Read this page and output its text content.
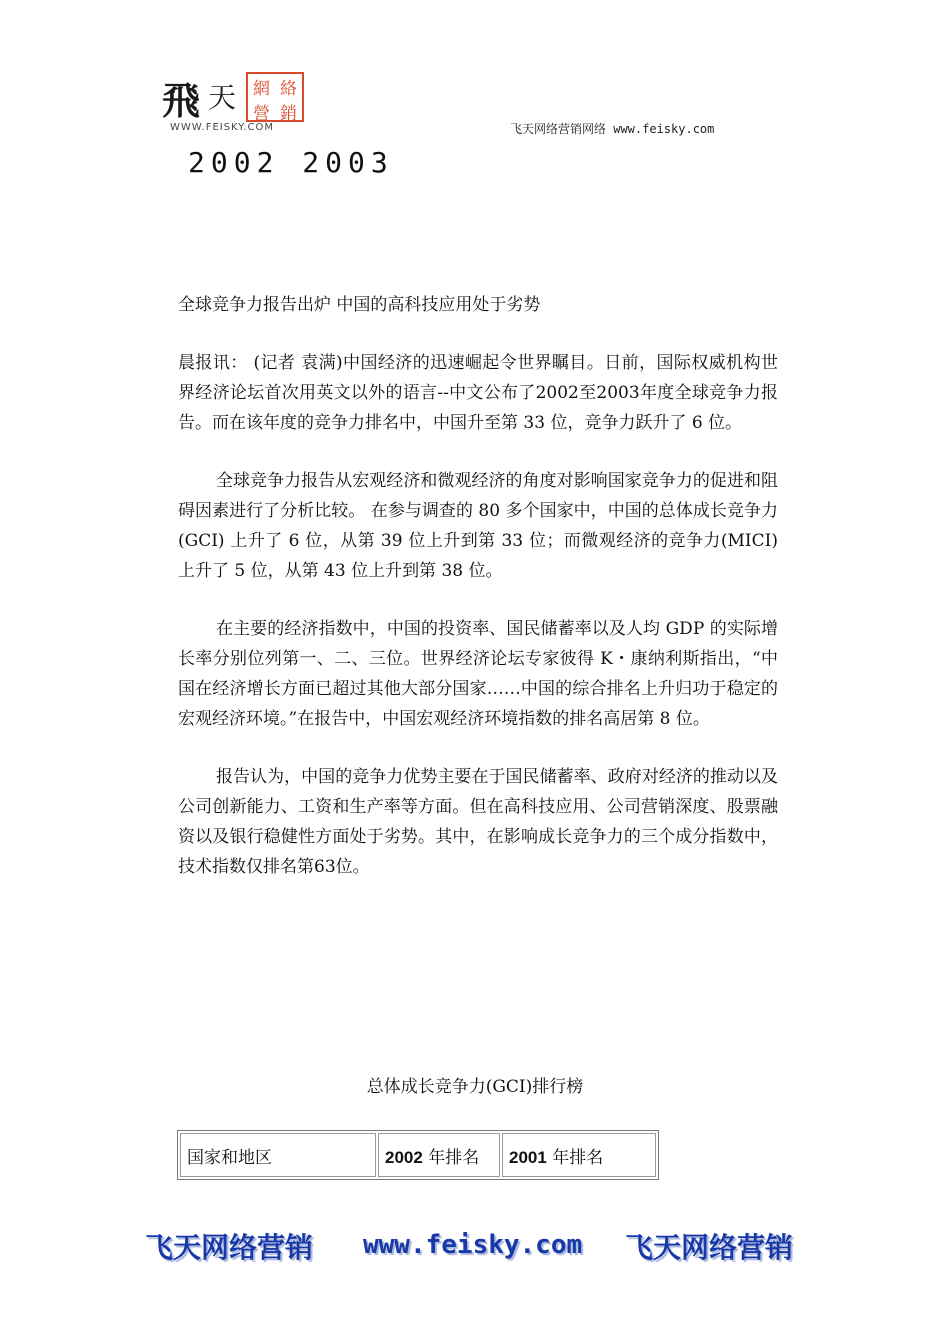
飛 天 網 絡
營 銷
WWW.FEISKY.COM	飞天网络营销网络 www.feisky.com
2002 2003

全球竞争力报告出炉 中国的高科技应用处于劣势

晨报讯： (记者 袁满)中国经济的迅速崛起令世界瞩目。日前，国际权威机构世界经济论坛首次用英文以外的语言--中文公布了2002至2003年度全球竞争力报告。而在该年度的竞争力排名中，中国升至第 33 位，竞争力跃升了 6 位。

全球竞争力报告从宏观经济和微观经济的角度对影响国家竞争力的促进和阻碍因素进行了分析比较。 在参与调查的 80 多个国家中，中国的总体成长竞争力 (GCI) 上升了 6 位，从第 39 位上升到第 33 位；而微观经济的竞争力(MICI)上升了 5 位，从第 43 位上升到第 38 位。

在主要的经济指数中，中国的投资率、国民储蓄率以及人均 GDP 的实际增长率分别位列第一、二、三位。世界经济论坛专家彼得 K・康纳利斯指出，“中国在经济增长方面已超过其他大部分国家……中国的综合排名上升归功于稳定的宏观经济环境。”在报告中，中国宏观经济环境指数的排名高居第 8 位。

报告认为，中国的竞争力优势主要在于国民储蓄率、政府对经济的推动以及公司创新能力、工资和生产率等方面。但在高科技应用、公司营销深度、股票融资以及银行稳健性方面处于劣势。其中，在影响成长竞争力的三个成分指数中，技术指数仅排名第63位。

总体成长竞争力(GCI)排行榜
国家和地区	2002 年排名	2001 年排名
飞天网络营销 www.feisky.com 飞天网络营销
